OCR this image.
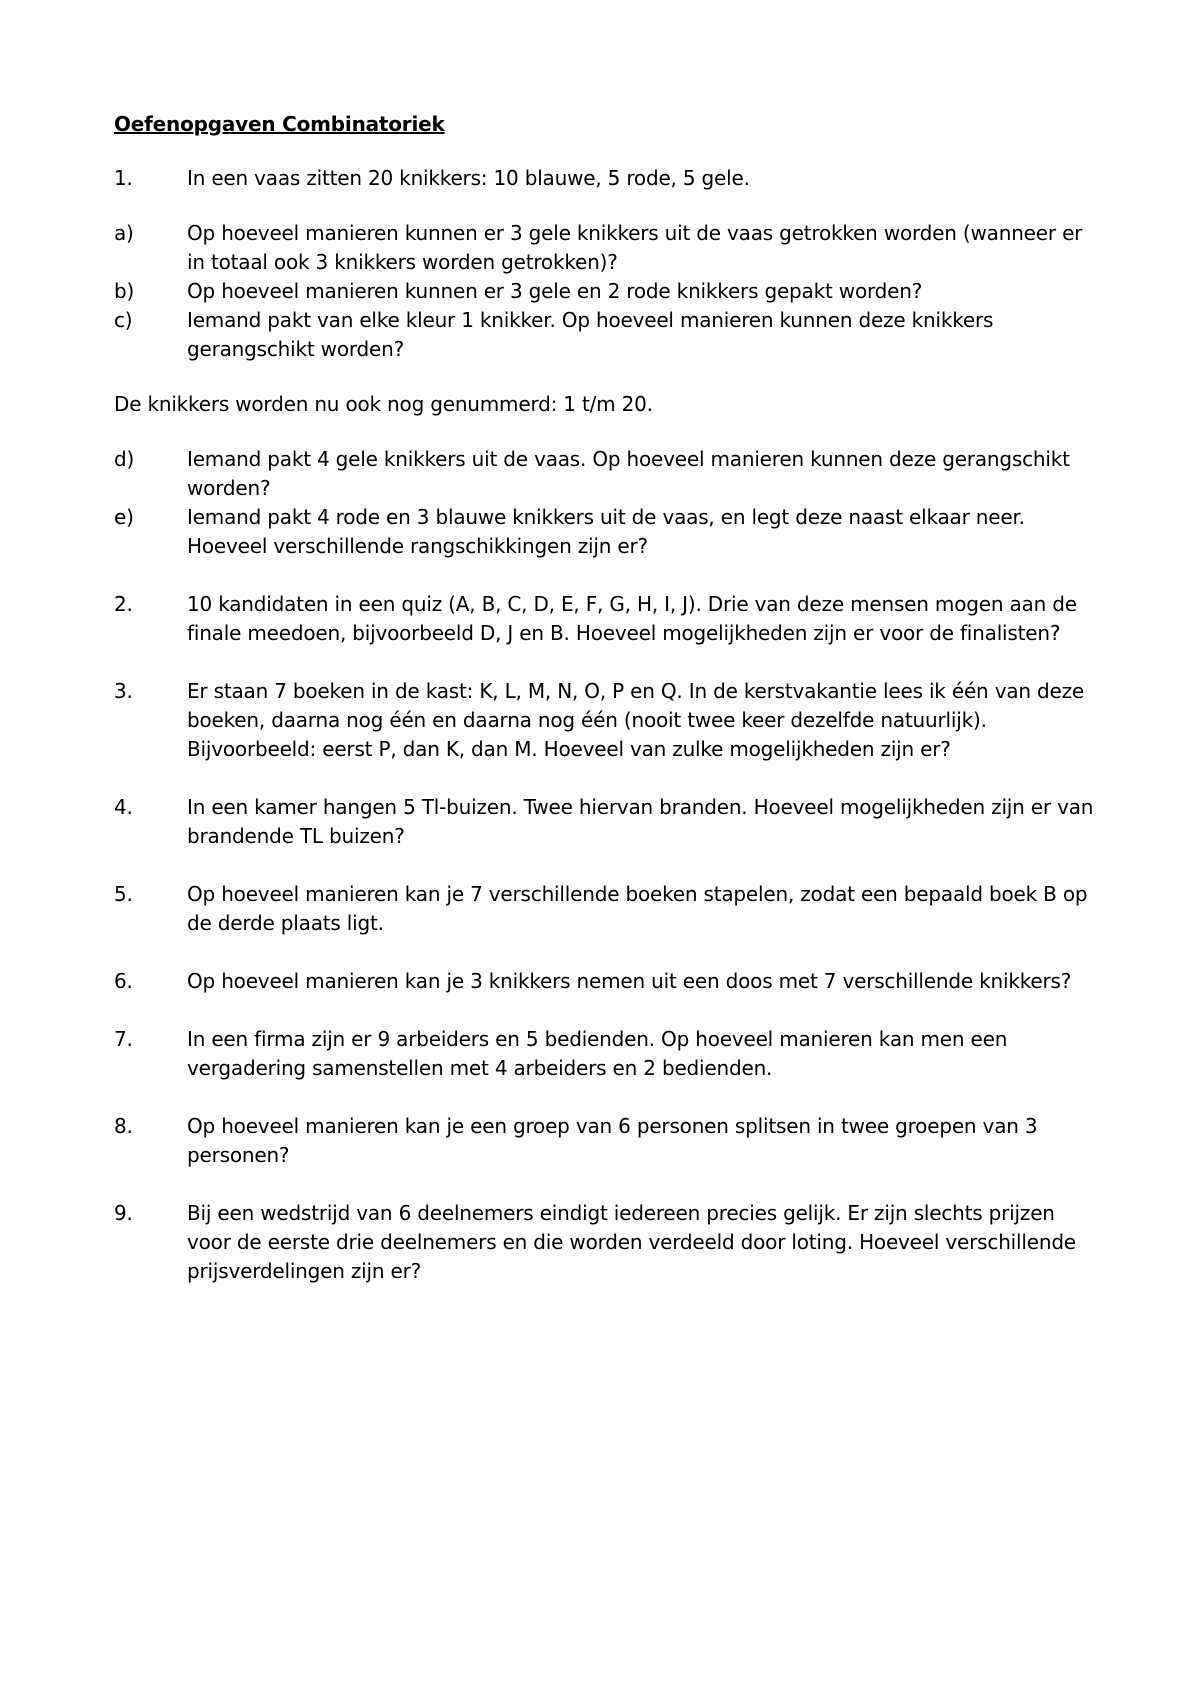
Oefenopgaven Combinatoriek

1.	In een vaas zitten 20 knikkers: 10 blauwe, 5 rode, 5 gele.
a)	Op hoeveel manieren kunnen er 3 gele knikkers uit de vaas getrokken worden (wanneer er in totaal ook 3 knikkers worden getrokken)?
b)	Op hoeveel manieren kunnen er 3 gele en 2 rode knikkers gepakt worden?
c)	Iemand pakt van elke kleur 1 knikker. Op hoeveel manieren kunnen deze knikkers gerangschikt worden?

De knikkers worden nu ook nog genummerd: 1 t/m 20.

d)	Iemand pakt 4 gele knikkers uit de vaas. Op hoeveel manieren kunnen deze gerangschikt worden?
e)	Iemand pakt 4 rode en 3 blauwe knikkers uit de vaas, en legt deze naast elkaar neer. Hoeveel verschillende rangschikkingen zijn er?
2.	10 kandidaten in een quiz (A, B, C, D, E, F, G, H, I, J). Drie van deze mensen mogen aan de finale meedoen, bijvoorbeeld D, J en B. Hoeveel mogelijkheden zijn er voor de finalisten?
3.	Er staan 7 boeken in de kast: K, L, M, N, O, P en Q. In de kerstvakantie lees ik één van deze boeken, daarna nog één en daarna nog één (nooit twee keer dezelfde natuurlijk). Bijvoorbeeld: eerst P, dan K, dan M. Hoeveel van zulke mogelijkheden zijn er?
4.	In een kamer hangen 5 Tl-buizen. Twee hiervan branden. Hoeveel mogelijkheden zijn er van brandende TL buizen?
5.	Op hoeveel manieren kan je 7 verschillende boeken stapelen, zodat een bepaald boek B op de derde plaats ligt.
6.	Op hoeveel manieren kan je 3 knikkers nemen uit een doos met 7 verschillende knikkers?
7.	In een firma zijn er 9 arbeiders en 5 bedienden. Op hoeveel manieren kan men een vergadering samenstellen met 4 arbeiders en 2 bedienden.
8.	Op hoeveel manieren kan je een groep van 6 personen splitsen in twee groepen van 3 personen?
9.	Bij een wedstrijd van 6 deelnemers eindigt iedereen precies gelijk. Er zijn slechts prijzen voor de eerste drie deelnemers en die worden verdeeld door loting. Hoeveel verschillende prijsverdelingen zijn er?
